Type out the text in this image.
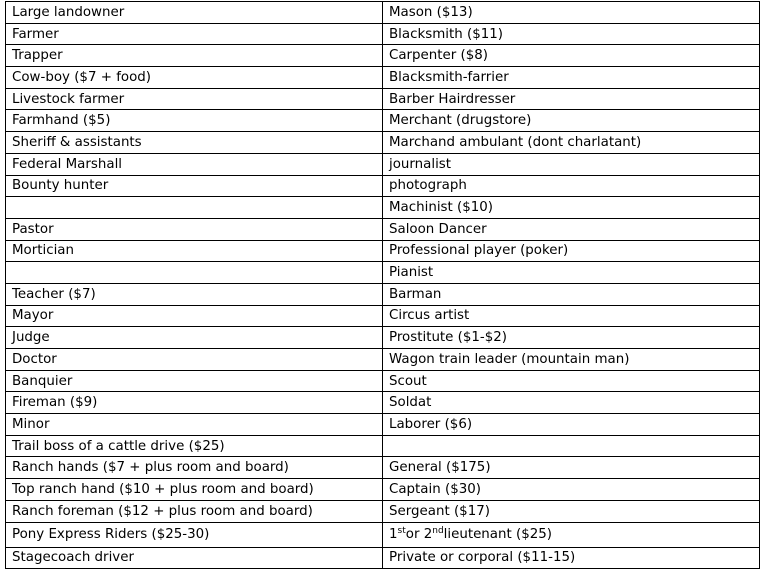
Large landowner	Mason ($13)
Farmer	Blacksmith ($11)
Trapper	Carpenter ($8)
Cow-boy ($7 + food)	Blacksmith-farrier
Livestock farmer	Barber Hairdresser
Farmhand ($5)	Merchant (drugstore)
Sheriff & assistants	Marchand ambulant (dont charlatant)
Federal Marshall	journalist
Bounty hunter	photograph
	Machinist ($10)
Pastor	Saloon Dancer
Mortician	Professional player (poker)
	Pianist
Teacher ($7)	Barman
Mayor	Circus artist
Judge	Prostitute ($1-$2)
Doctor	Wagon train leader (mountain man)
Banquier	Scout
Fireman ($9)	Soldat
Minor	Laborer ($6)
Trail boss of a cattle drive ($25)	
Ranch hands ($7 + plus room and board)	General ($175)
Top ranch hand ($10 + plus room and board)	Captain ($30)
Ranch foreman ($12 + plus room and board)	Sergeant ($17)
Pony Express Riders ($25-30)	1stor 2ndlieutenant ($25)
Stagecoach driver	Private or corporal ($11-15)
